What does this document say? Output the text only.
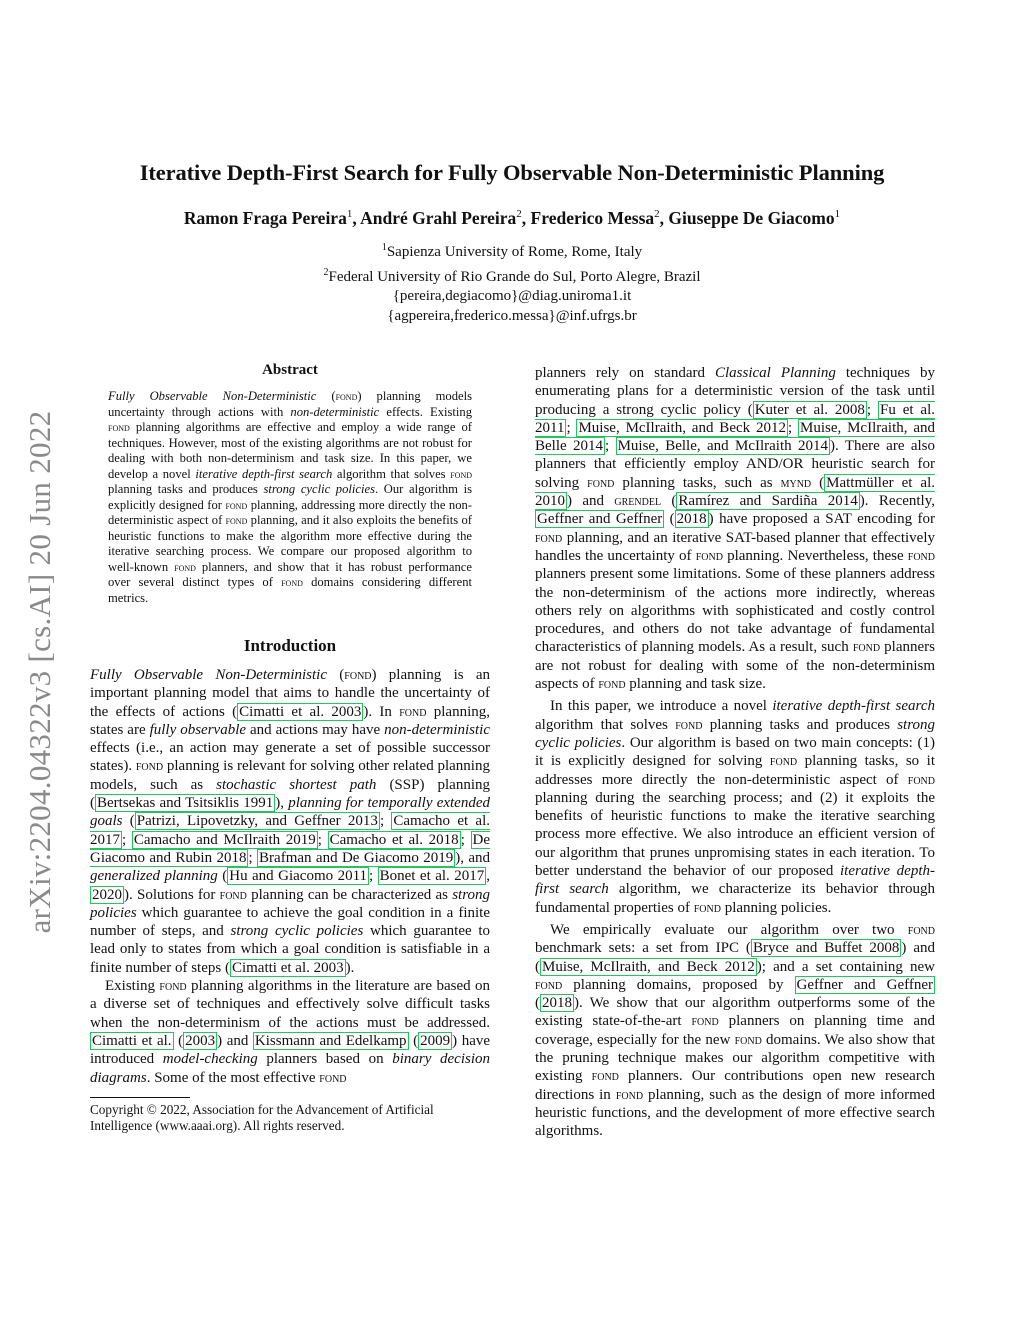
Iterative Depth-First Search for Fully Observable Non-Deterministic Planning
Ramon Fraga Pereira$^1$, André Grahl Pereira$^2$, Frederico Messa$^2$, Giuseppe De Giacomo$^1$
$^1$Sapienza University of Rome, Rome, Italy
$^2$Federal University of Rio Grande do Sul, Porto Alegre, Brazil
{pereira,degiacomo}@diag.uniroma1.it
{agpereira,frederico.messa}@inf.ufrgs.br
arXiv:2204.04322v3 [cs.AI] 20 Jun 2022
Abstract

Fully Observable Non-Deterministic (fond) planning models uncertainty through actions with non-deterministic effects. Existing fond planning algorithms are effective and employ a wide range of techniques. However, most of the existing algorithms are not robust for dealing with both non-determinism and task size. In this paper, we develop a novel iterative depth-first search algorithm that solves fond planning tasks and produces strong cyclic policies. Our algorithm is explicitly designed for fond planning, addressing more directly the non-deterministic aspect of fond planning, and it also exploits the benefits of heuristic functions to make the algorithm more effective during the iterative searching process. We compare our proposed algorithm to well-known fond planners, and show that it has robust performance over several distinct types of fond domains considering different metrics.

Introduction

Fully Observable Non-Deterministic (fond) planning is an important planning model that aims to handle the uncertainty of the effects of actions ( Cimatti et al. 2003 ). In fond planning, states are fully observable and actions may have non-deterministic effects (i.e., an action may generate a set of possible successor states). fond planning is relevant for solving other related planning models, such as stochastic shortest path (SSP) planning ( Bertsekas and Tsitsiklis 1991 ), planning for temporally extended goals ( Patrizi, Lipovetzky, and Geffner 2013 ; Camacho et al. 2017 ; Camacho and McIlraith 2019 ; Camacho et al. 2018 ; De Giacomo and Rubin 2018 ; Brafman and De Giacomo 2019 ), and generalized planning ( Hu and Giacomo 2011 ; Bonet et al. 2017 , 2020 ). Solutions for fond planning can be characterized as strong policies which guarantee to achieve the goal condition in a finite number of steps, and strong cyclic policies which guarantee to lead only to states from which a goal condition is satisfiable in a finite number of steps ( Cimatti et al. 2003 ).

Existing fond planning algorithms in the literature are based on a diverse set of techniques and effectively solve difficult tasks when the non-determinism of the actions must be addressed. Cimatti et al. ( 2003 ) and Kissmann and Edelkamp ( 2009 ) have introduced model-checking planners based on binary decision diagrams. Some of the most effective fond

Copyright © 2022, Association for the Advancement of Artificial Intelligence (www.aaai.org). All rights reserved.

planners rely on standard Classical Planning techniques by enumerating plans for a deterministic version of the task until producing a strong cyclic policy ( Kuter et al. 2008 ; Fu et al. 2011 ; Muise, McIlraith, and Beck 2012 ; Muise, McIlraith, and Belle 2014 ; Muise, Belle, and McIlraith 2014 ). There are also planners that efficiently employ AND/OR heuristic search for solving fond planning tasks, such as mynd ( Mattmüller et al. 2010 ) and grendel ( Ramírez and Sardiña 2014 ). Recently, Geffner and Geffner ( 2018 ) have proposed a SAT encoding for fond planning, and an iterative SAT-based planner that effectively handles the uncertainty of fond planning. Nevertheless, these fond planners present some limitations. Some of these planners address the non-determinism of the actions more indirectly, whereas others rely on algorithms with sophisticated and costly control procedures, and others do not take advantage of fundamental characteristics of planning models. As a result, such fond planners are not robust for dealing with some of the non-determinism aspects of fond planning and task size.

In this paper, we introduce a novel iterative depth-first search algorithm that solves fond planning tasks and produces strong cyclic policies. Our algorithm is based on two main concepts: (1) it is explicitly designed for solving fond planning tasks, so it addresses more directly the non-deterministic aspect of fond planning during the searching process; and (2) it exploits the benefits of heuristic functions to make the iterative searching process more effective. We also introduce an efficient version of our algorithm that prunes unpromising states in each iteration. To better understand the behavior of our proposed iterative depth-first search algorithm, we characterize its behavior through fundamental properties of fond planning policies.

We empirically evaluate our algorithm over two fond benchmark sets: a set from IPC ( Bryce and Buffet 2008 ) and ( Muise, McIlraith, and Beck 2012 ); and a set containing new fond planning domains, proposed by Geffner and Geffner ( 2018 ). We show that our algorithm outperforms some of the existing state-of-the-art fond planners on planning time and coverage, especially for the new fond domains. We also show that the pruning technique makes our algorithm competitive with existing fond planners. Our contributions open new research directions in fond planning, such as the design of more informed heuristic functions, and the development of more effective search algorithms.
